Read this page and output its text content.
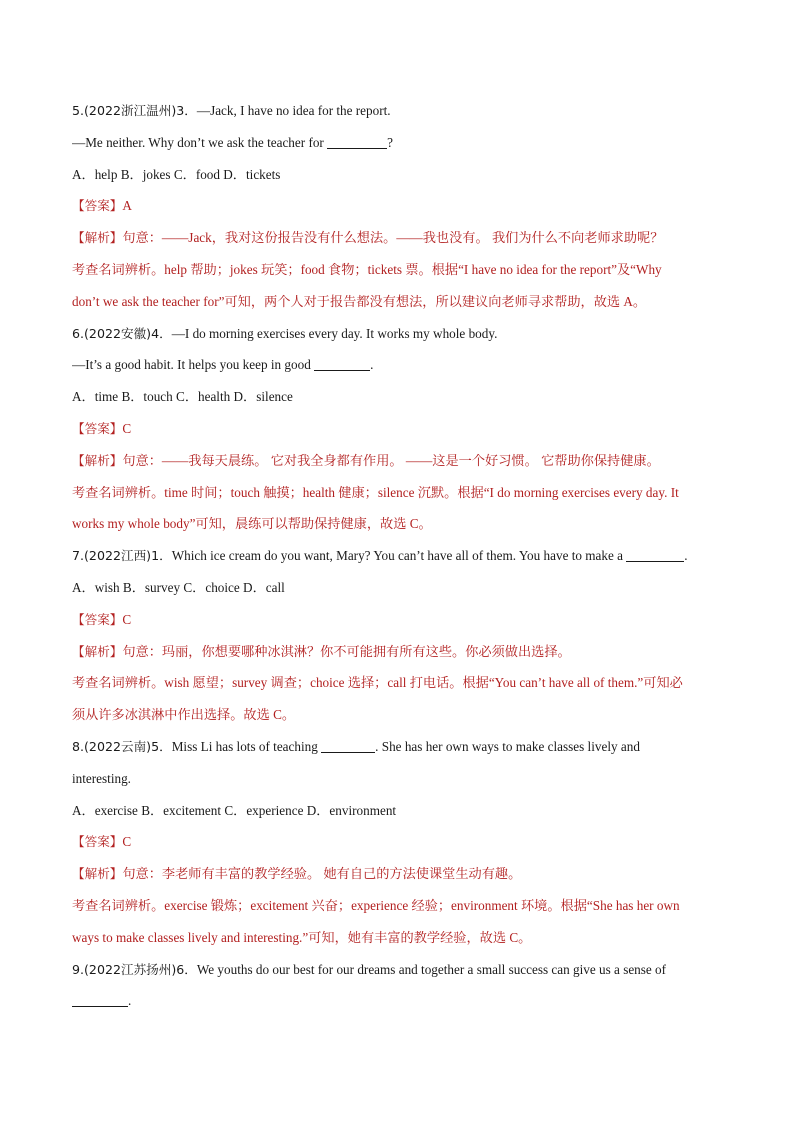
5.(2022浙江温州)3．—Jack, I have no idea for the report.
—Me neither. Why don’t we ask the teacher for	?
A．help B．jokes C．food D．tickets
【答案】A
【解析】句意：——Jack，我对这份报告没有什么想法。——我也没有。 我们为什么不向老师求助呢？
考查名词辨析。help 帮助；jokes 玩笑；food 食物；tickets 票。根据“I have no idea for the report”及“Why
don’t we ask the teacher for”可知，两个人对于报告都没有想法，所以建议向老师寻求帮助，故选 A。
6.(2022安徽)4．—I do morning exercises every day. It works my whole body.
—It’s a good habit. It helps you keep in good	.
A．time B．touch C．health D．silence
【答案】C
【解析】句意：——我每天晨练。 它对我全身都有作用。 ——这是一个好习惯。 它帮助你保持健康。
考查名词辨析。time 时间；touch 触摸；health 健康；silence 沉默。根据“I do morning exercises every day. It
works my whole body”可知，晨练可以帮助保持健康，故选 C。
7.(2022江西)1．Which ice cream do you want, Mary? You can’t have all of them. You have to make a	.
A．wish B．survey C．choice D．call
【答案】C
【解析】句意：玛丽，你想要哪种冰淇淋？你不可能拥有所有这些。你必须做出选择。
考查名词辨析。wish 愿望；survey 调查；choice 选择；call 打电话。根据“You can’t have all of them.”可知必
须从许多冰淇淋中作出选择。故选 C。
8.(2022云南)5．Miss Li has lots of teaching	. She has her own ways to make classes lively and
interesting.
A．exercise B．excitement C．experience D．environment
【答案】C
【解析】句意：李老师有丰富的教学经验。 她有自己的方法使课堂生动有趣。
考查名词辨析。exercise 锻炼；excitement 兴奋；experience 经验；environment 环境。根据“She has her own
ways to make classes lively and interesting.”可知，她有丰富的教学经验，故选 C。
9.(2022江苏扬州)6．We youths do our best for our dreams and together a small success can give us a sense of
.
